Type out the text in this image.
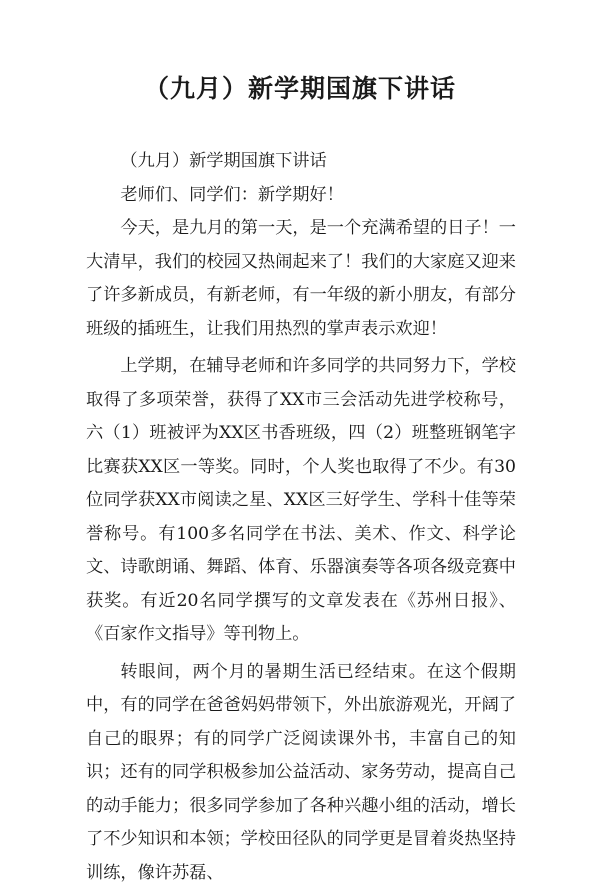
（九月）新学期国旗下讲话

（九月）新学期国旗下讲话

老师们、同学们：新学期好！

今天，是九月的第一天，是一个充满希望的日子！一大清早，我们的校园又热闹起来了！我们的大家庭又迎来了许多新成员，有新老师，有一年级的新小朋友，有部分班级的插班生，让我们用热烈的掌声表示欢迎！

上学期，在辅导老师和许多同学的共同努力下，学校取得了多项荣誉，获得了XX市三会活动先进学校称号，六（1）班被评为XX区书香班级，四（2）班整班钢笔字比赛获XX区一等奖。同时，个人奖也取得了不少。有30位同学获XX市阅读之星、XX区三好学生、学科十佳等荣誉称号。有100多名同学在书法、美术、作文、科学论文、诗歌朗诵、舞蹈、体育、乐器演奏等各项各级竞赛中获奖。有近20名同学撰写的文章发表在《苏州日报》、《百家作文指导》等刊物上。

转眼间，两个月的暑期生活已经结束。在这个假期中，有的同学在爸爸妈妈带领下，外出旅游观光，开阔了自己的眼界；有的同学广泛阅读课外书，丰富自己的知识；还有的同学积极参加公益活动、家务劳动，提高自己的动手能力；很多同学参加了各种兴趣小组的活动，增长了不少知识和本领；学校田径队的同学更是冒着炎热坚持训练，像许苏磊、
